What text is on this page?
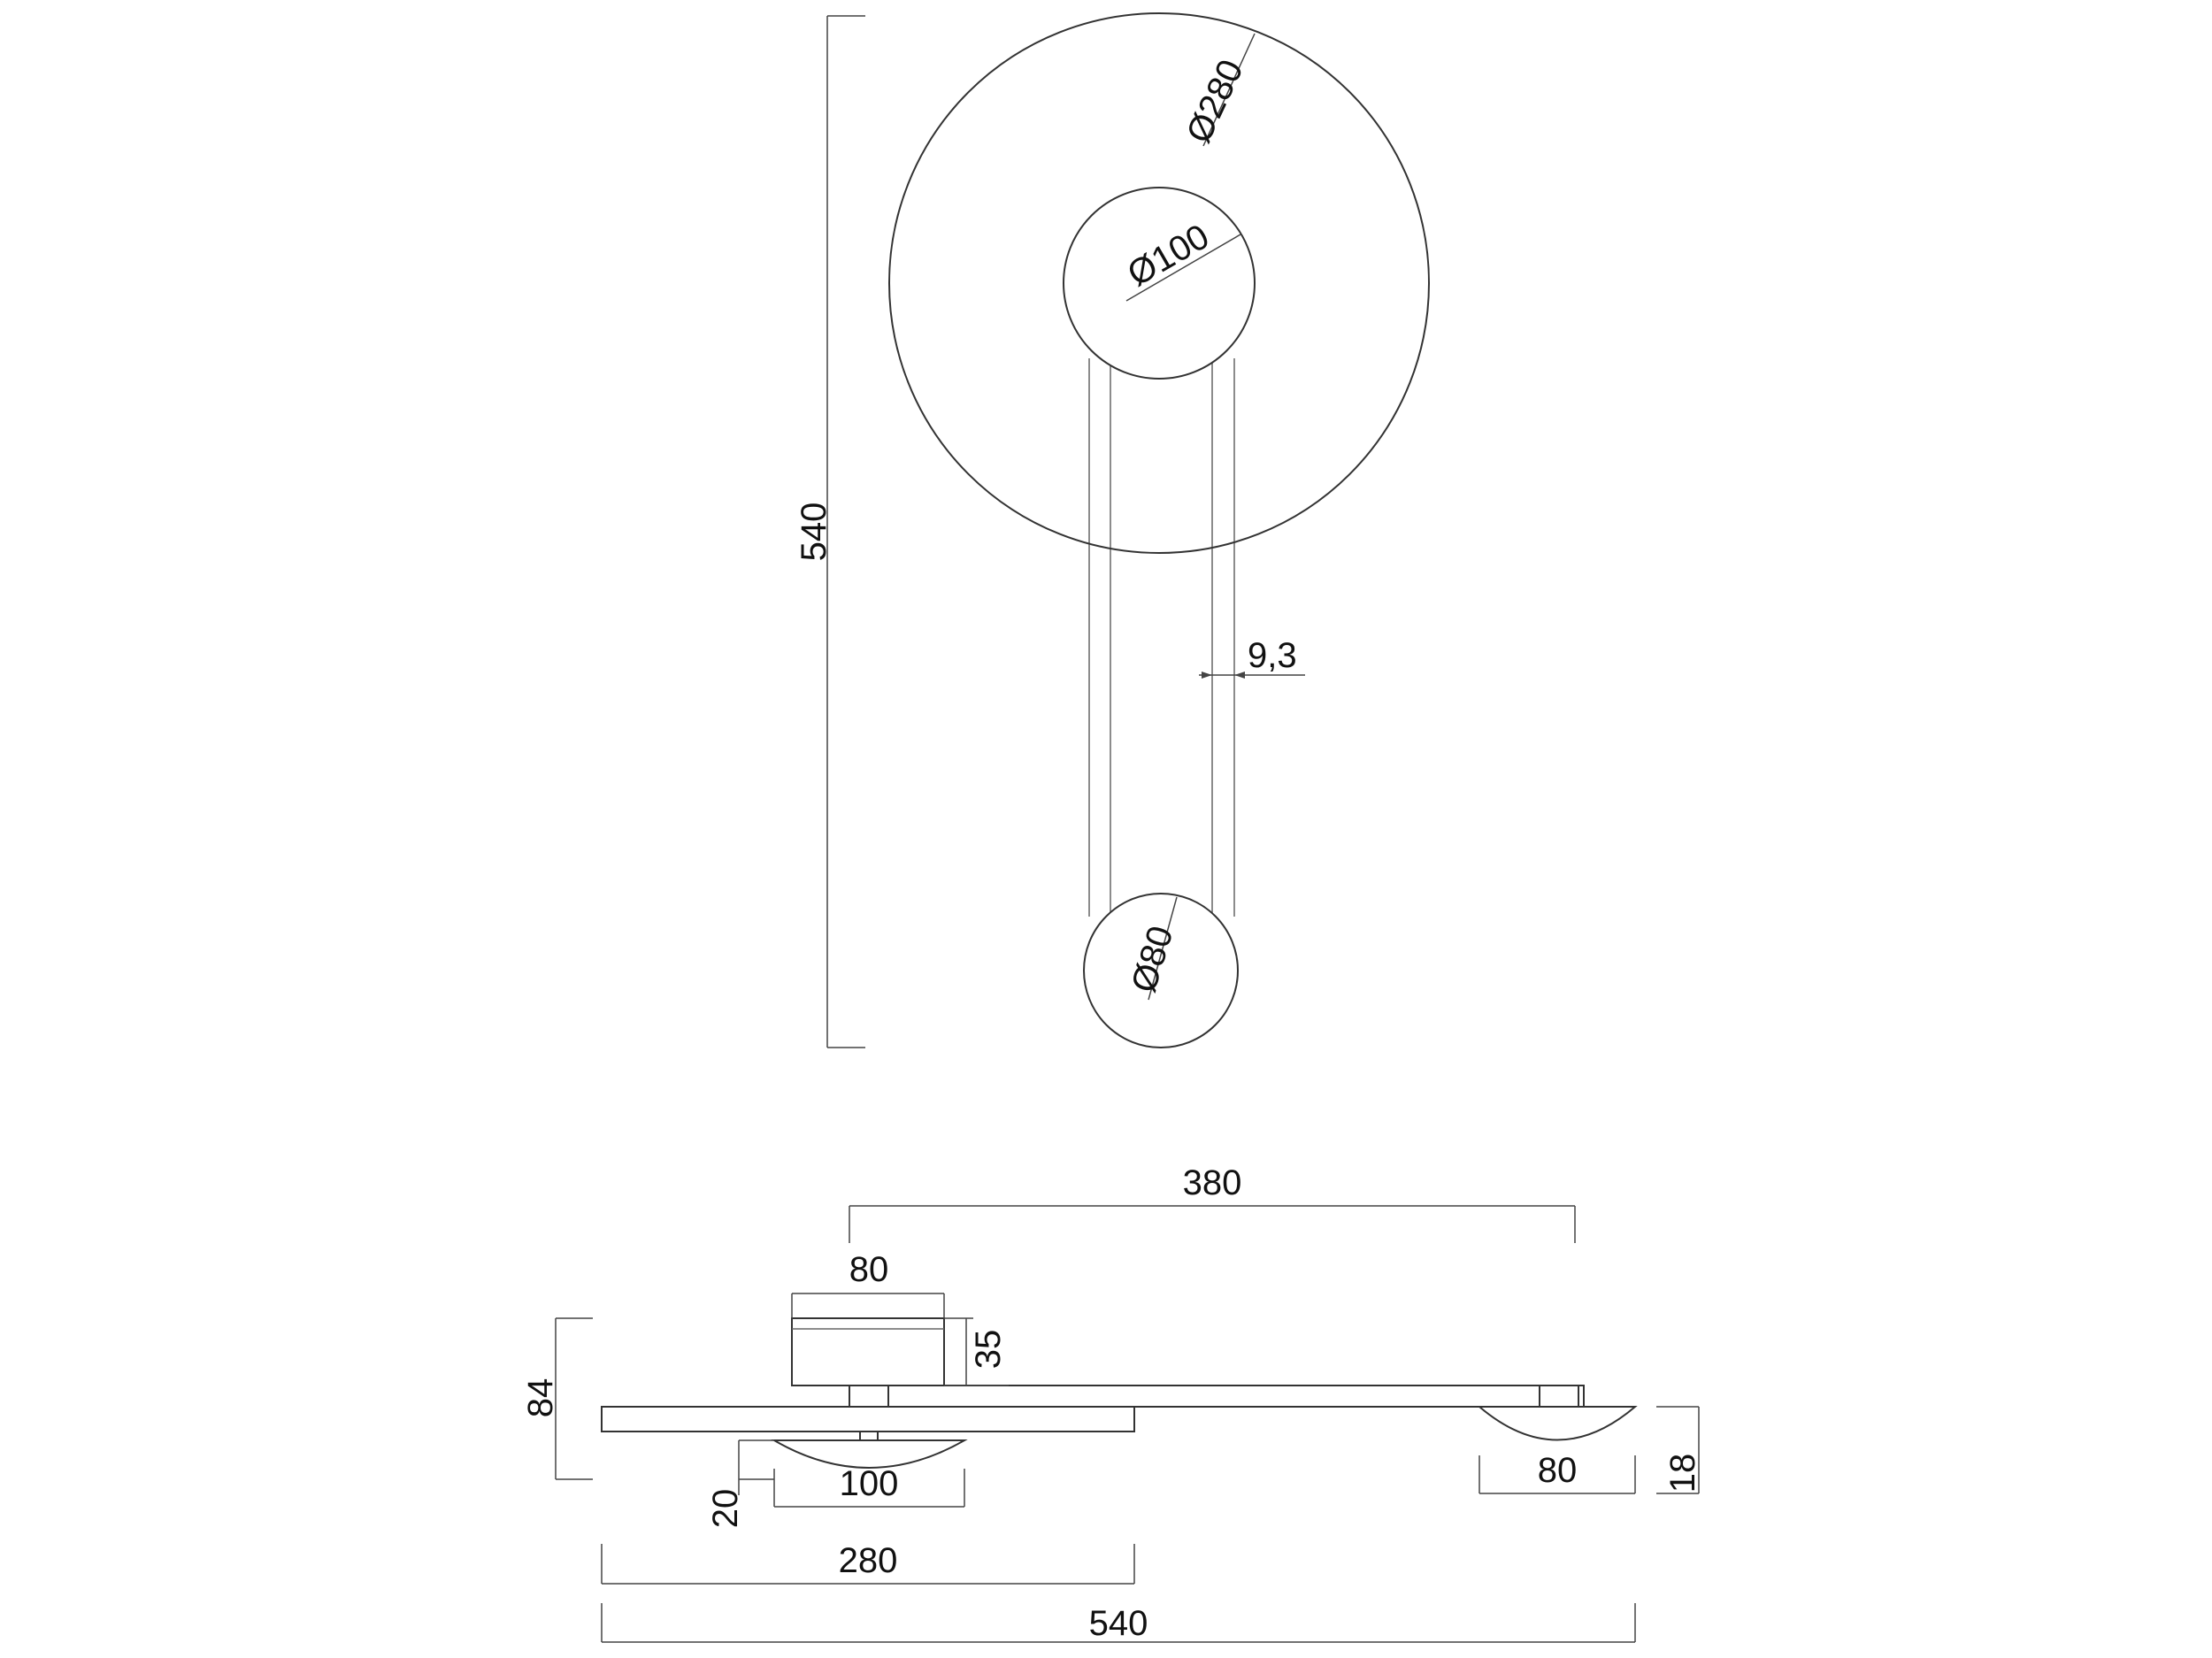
540
Ø280
Ø100
Ø80
9,3
380
80
35
84
20
100	80 18
280
540
